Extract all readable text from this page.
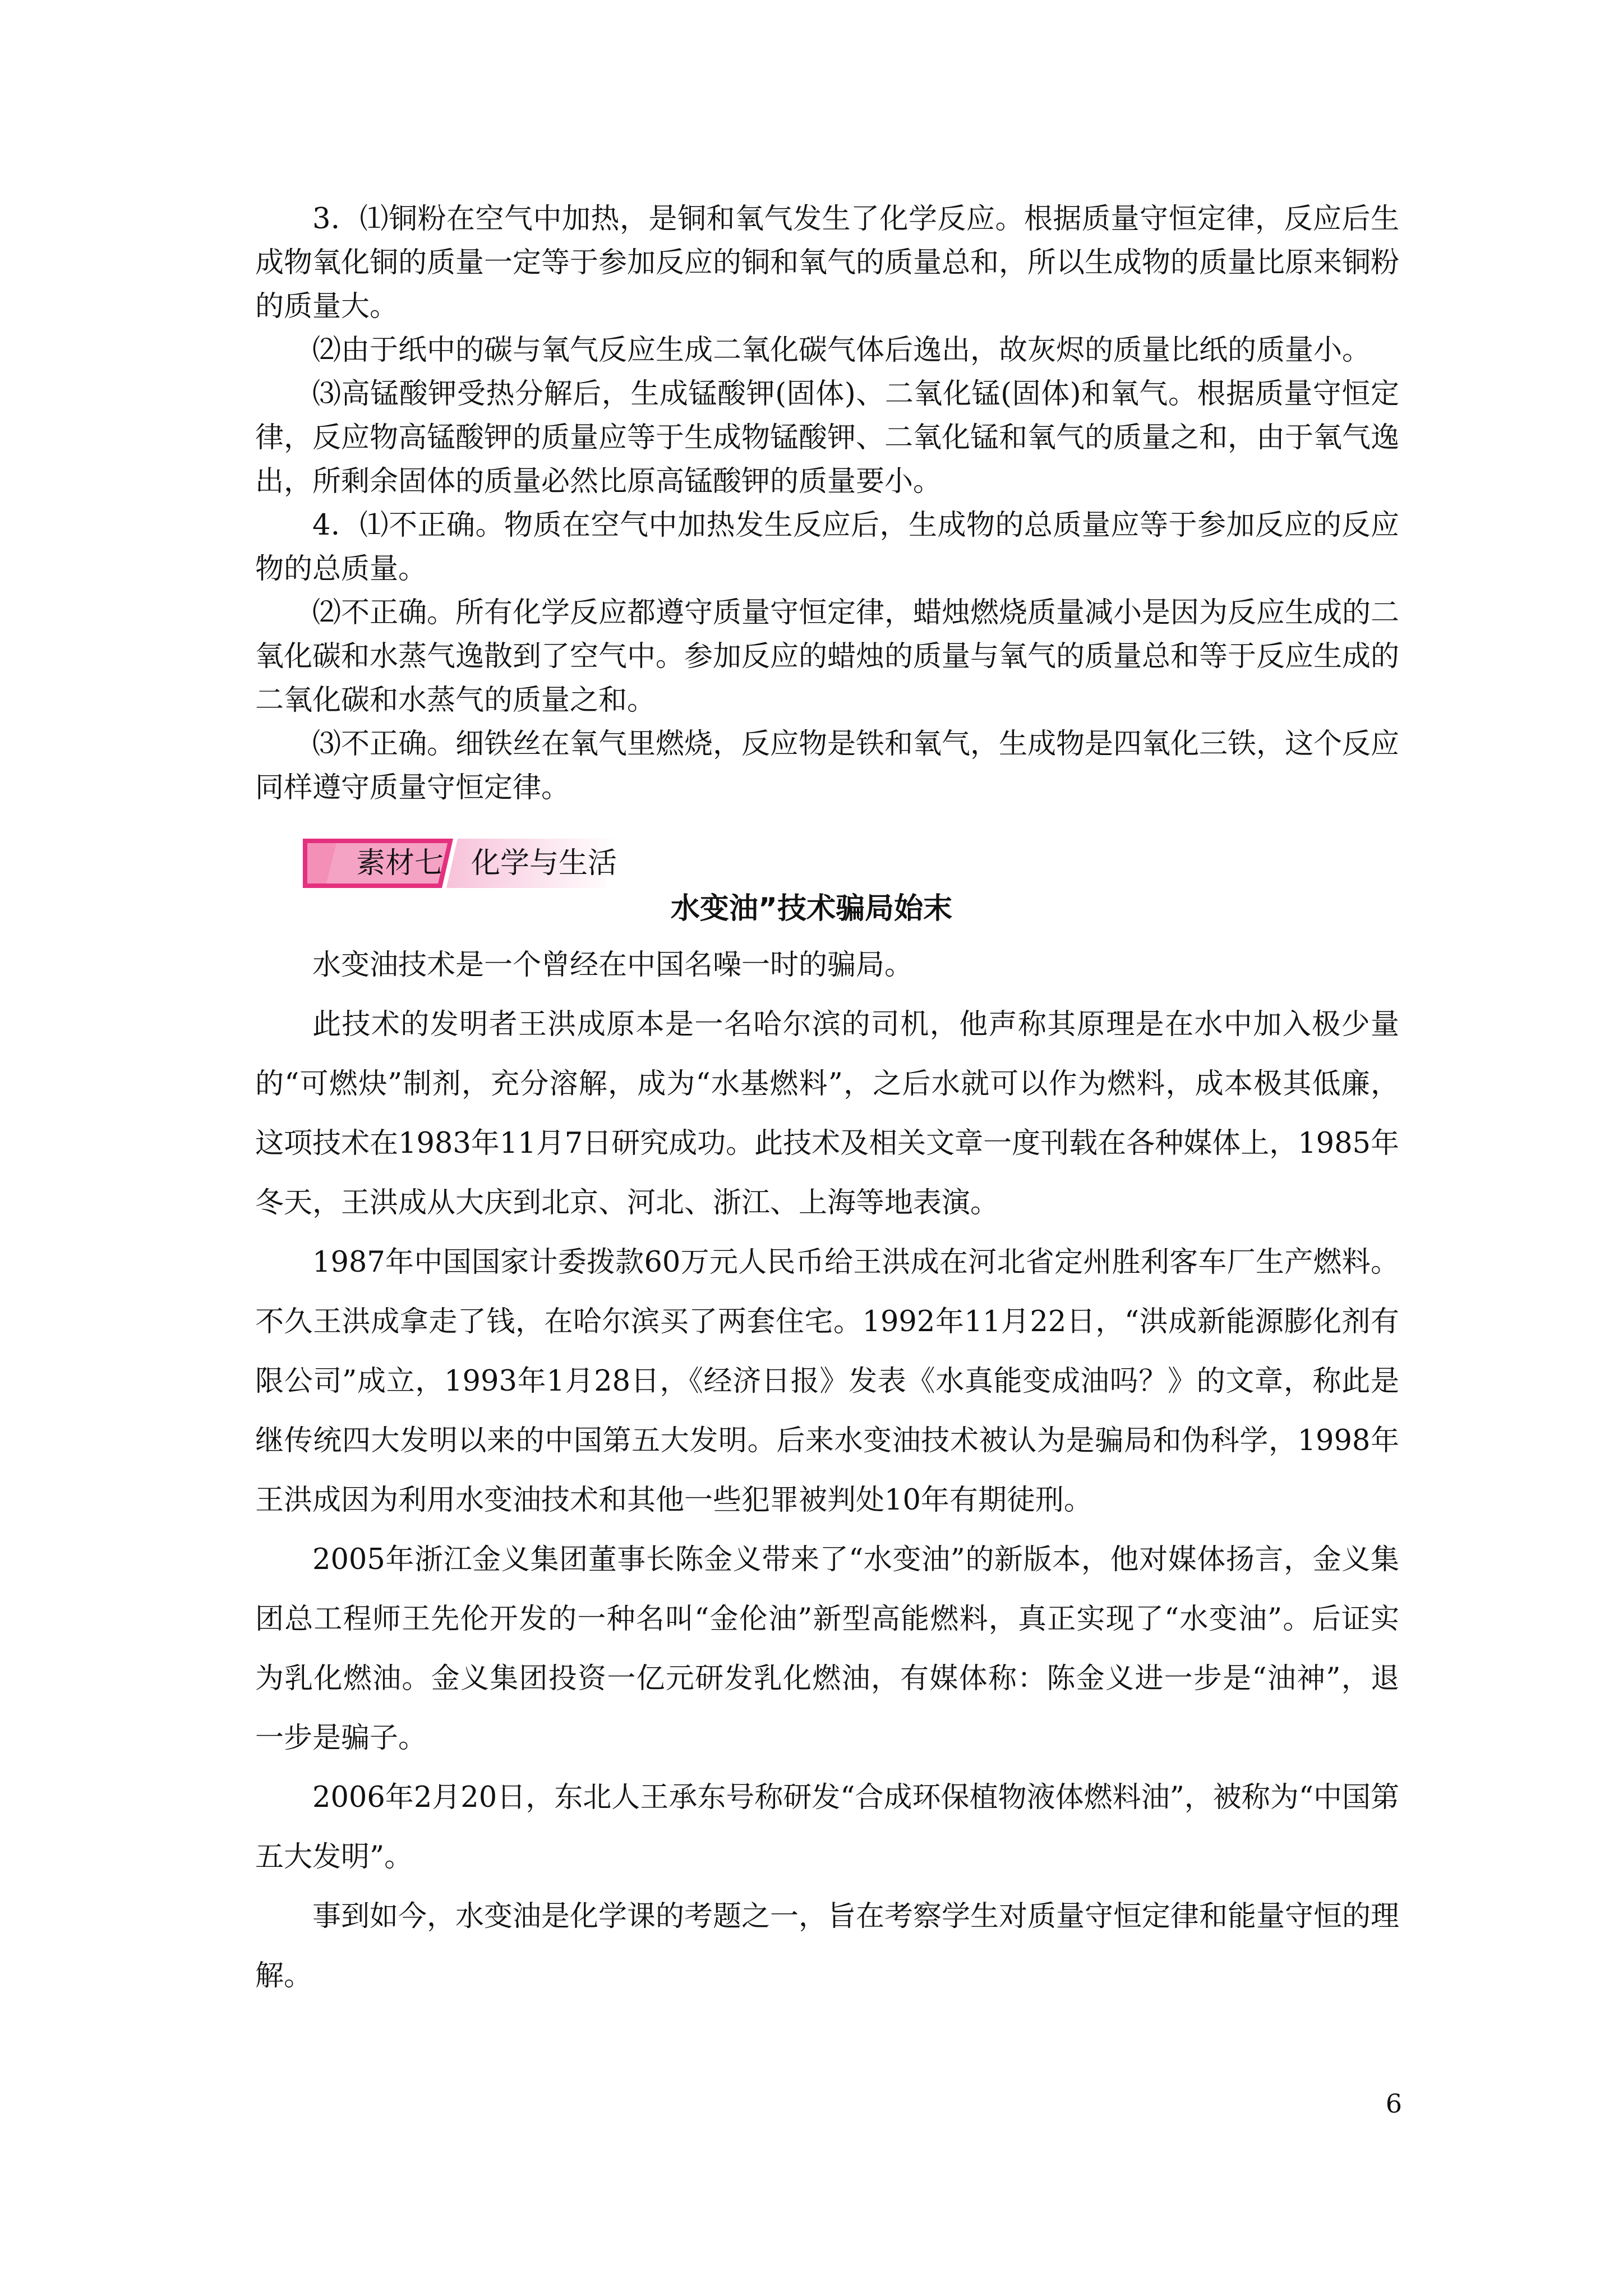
3．⑴铜粉在空气中加热，是铜和氧气发生了化学反应。根据质量守恒定律，反应后生成物氧化铜的质量一定等于参加反应的铜和氧气的质量总和，所以生成物的质量比原来铜粉的质量大。

⑵由于纸中的碳与氧气反应生成二氧化碳气体后逸出，故灰烬的质量比纸的质量小。

⑶高锰酸钾受热分解后，生成锰酸钾(固体)、二氧化锰(固体)和氧气。根据质量守恒定律，反应物高锰酸钾的质量应等于生成物锰酸钾、二氧化锰和氧气的质量之和，由于氧气逸出，所剩余固体的质量必然比原高锰酸钾的质量要小。

4．⑴不正确。物质在空气中加热发生反应后，生成物的总质量应等于参加反应的反应物的总质量。

⑵不正确。所有化学反应都遵守质量守恒定律，蜡烛燃烧质量减小是因为反应生成的二氧化碳和水蒸气逸散到了空气中。参加反应的蜡烛的质量与氧气的质量总和等于反应生成的二氧化碳和水蒸气的质量之和。

⑶不正确。细铁丝在氧气里燃烧，反应物是铁和氧气，生成物是四氧化三铁，这个反应同样遵守质量守恒定律。

素材七 化学与生活
水变油”技术骗局始末

水变油技术是一个曾经在中国名噪一时的骗局。

此技术的发明者王洪成原本是一名哈尔滨的司机，他声称其原理是在水中加入极少量的“可燃炔”制剂，充分溶解，成为“水基燃料”，之后水就可以作为燃料，成本极其低廉，这项技术在1983年11月7日研究成功。此技术及相关文章一度刊载在各种媒体上，1985年冬天，王洪成从大庆到北京、河北、浙江、上海等地表演。

1987年中国国家计委拨款60万元人民币给王洪成在河北省定州胜利客车厂生产燃料。不久王洪成拿走了钱，在哈尔滨买了两套住宅。1992年11月22日，“洪成新能源膨化剂有限公司”成立，1993年1月28日，《经济日报》发表《水真能变成油吗？》的文章，称此是继传统四大发明以来的中国第五大发明。后来水变油技术被认为是骗局和伪科学，1998年王洪成因为利用水变油技术和其他一些犯罪被判处10年有期徒刑。

2005年浙江金义集团董事长陈金义带来了“水变油”的新版本，他对媒体扬言，金义集团总工程师王先伦开发的一种名叫“金伦油”新型高能燃料，真正实现了“水变油”。后证实为乳化燃油。金义集团投资一亿元研发乳化燃油，有媒体称：陈金义进一步是“油神”，退一步是骗子。

2006年2月20日，东北人王承东号称研发“合成环保植物液体燃料油”，被称为“中国第五大发明”。

事到如今，水变油是化学课的考题之一，旨在考察学生对质量守恒定律和能量守恒的理解。

6
